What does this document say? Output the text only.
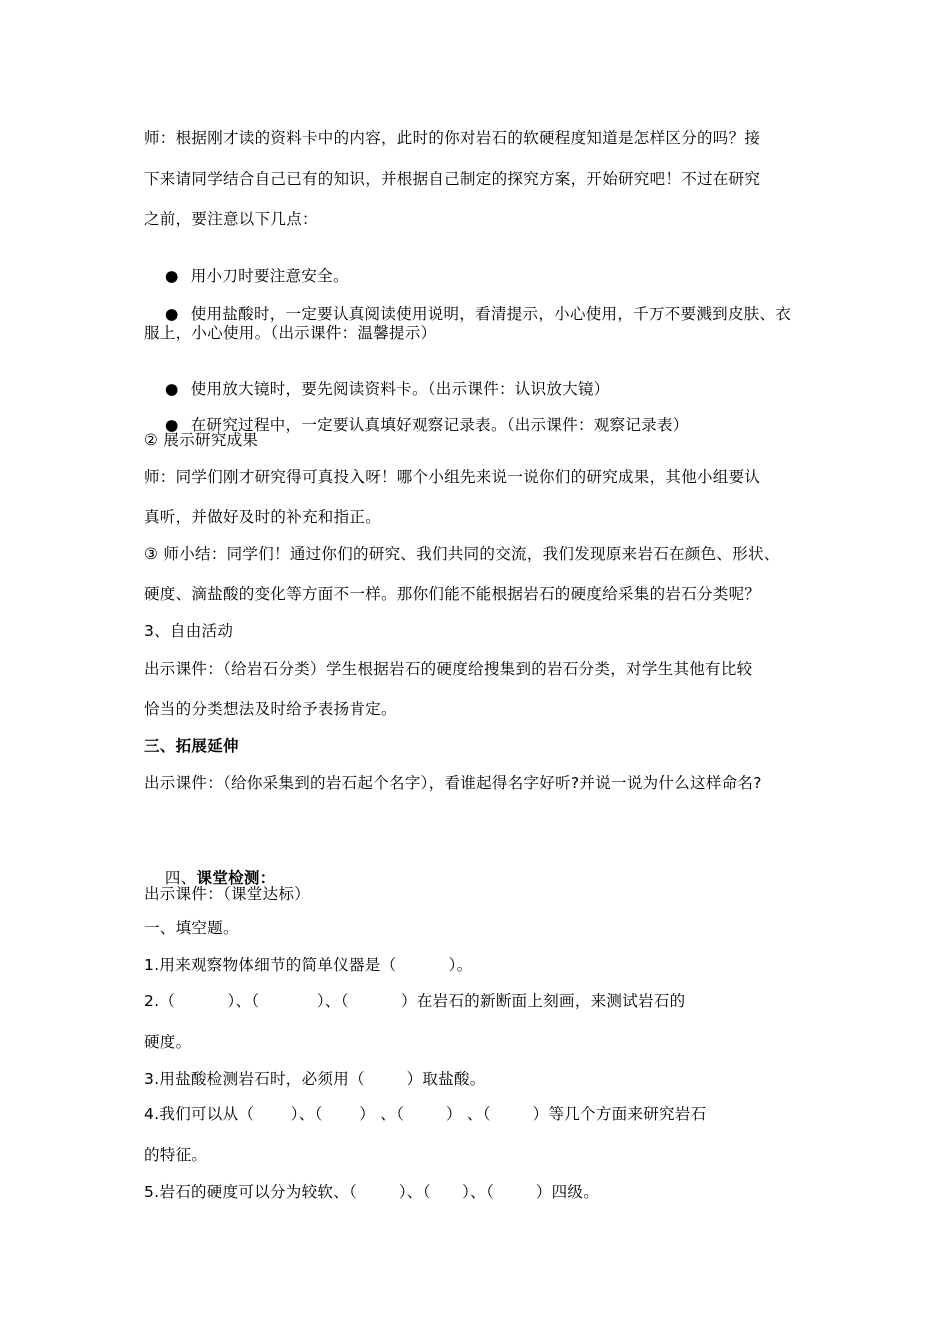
师：根据刚才读的资料卡中的内容，此时的你对岩石的软硬程度知道是怎样区分的吗？接
下来请同学结合自己已有的知识，并根据自己制定的探究方案，开始研究吧！不过在研究
之前，要注意以下几点：

● 用小刀时要注意安全。

● 使用盐酸时，一定要认真阅读使用说明，看清提示，小心使用，千万不要溅到皮肤、衣

服上，小心使用。（出示课件：温馨提示）

● 使用放大镜时，要先阅读资料卡。（出示课件：认识放大镜）

● 在研究过程中，一定要认真填好观察记录表。（出示课件：观察记录表）

② 展示研究成果
师：同学们刚才研究得可真投入呀！哪个小组先来说一说你们的研究成果，其他小组要认
真听，并做好及时的补充和指正。
③ 师小结：同学们！通过你们的研究、我们共同的交流，我们发现原来岩石在颜色、形状、
硬度、滴盐酸的变化等方面不一样。那你们能不能根据岩石的硬度给采集的岩石分类呢？
3、自由活动
出示课件：（给岩石分类）学生根据岩石的硬度给搜集到的岩石分类，对学生其他有比较
恰当的分类想法及时给予表扬肯定。
三、拓展延伸
出示课件：（给你采集到的岩石起个名字），看谁起得名字好听?并说一说为什么这样命名?

四、课堂检测：

出示课件：（课堂达标）
一、填空题。
1.用来观察物体细节的简单仪器是（          ）。
2.（          ）、（           ）、（          ）在岩石的新断面上刻画，来测试岩石的
硬度。
3.用盐酸检测岩石时，必须用（        ）取盐酸。
4.我们可以从（       ）、（       ） 、（        ） 、（        ）等几个方面来研究岩石
的特征。
5.岩石的硬度可以分为较软、（        ）、（      ）、（        ）四级。
